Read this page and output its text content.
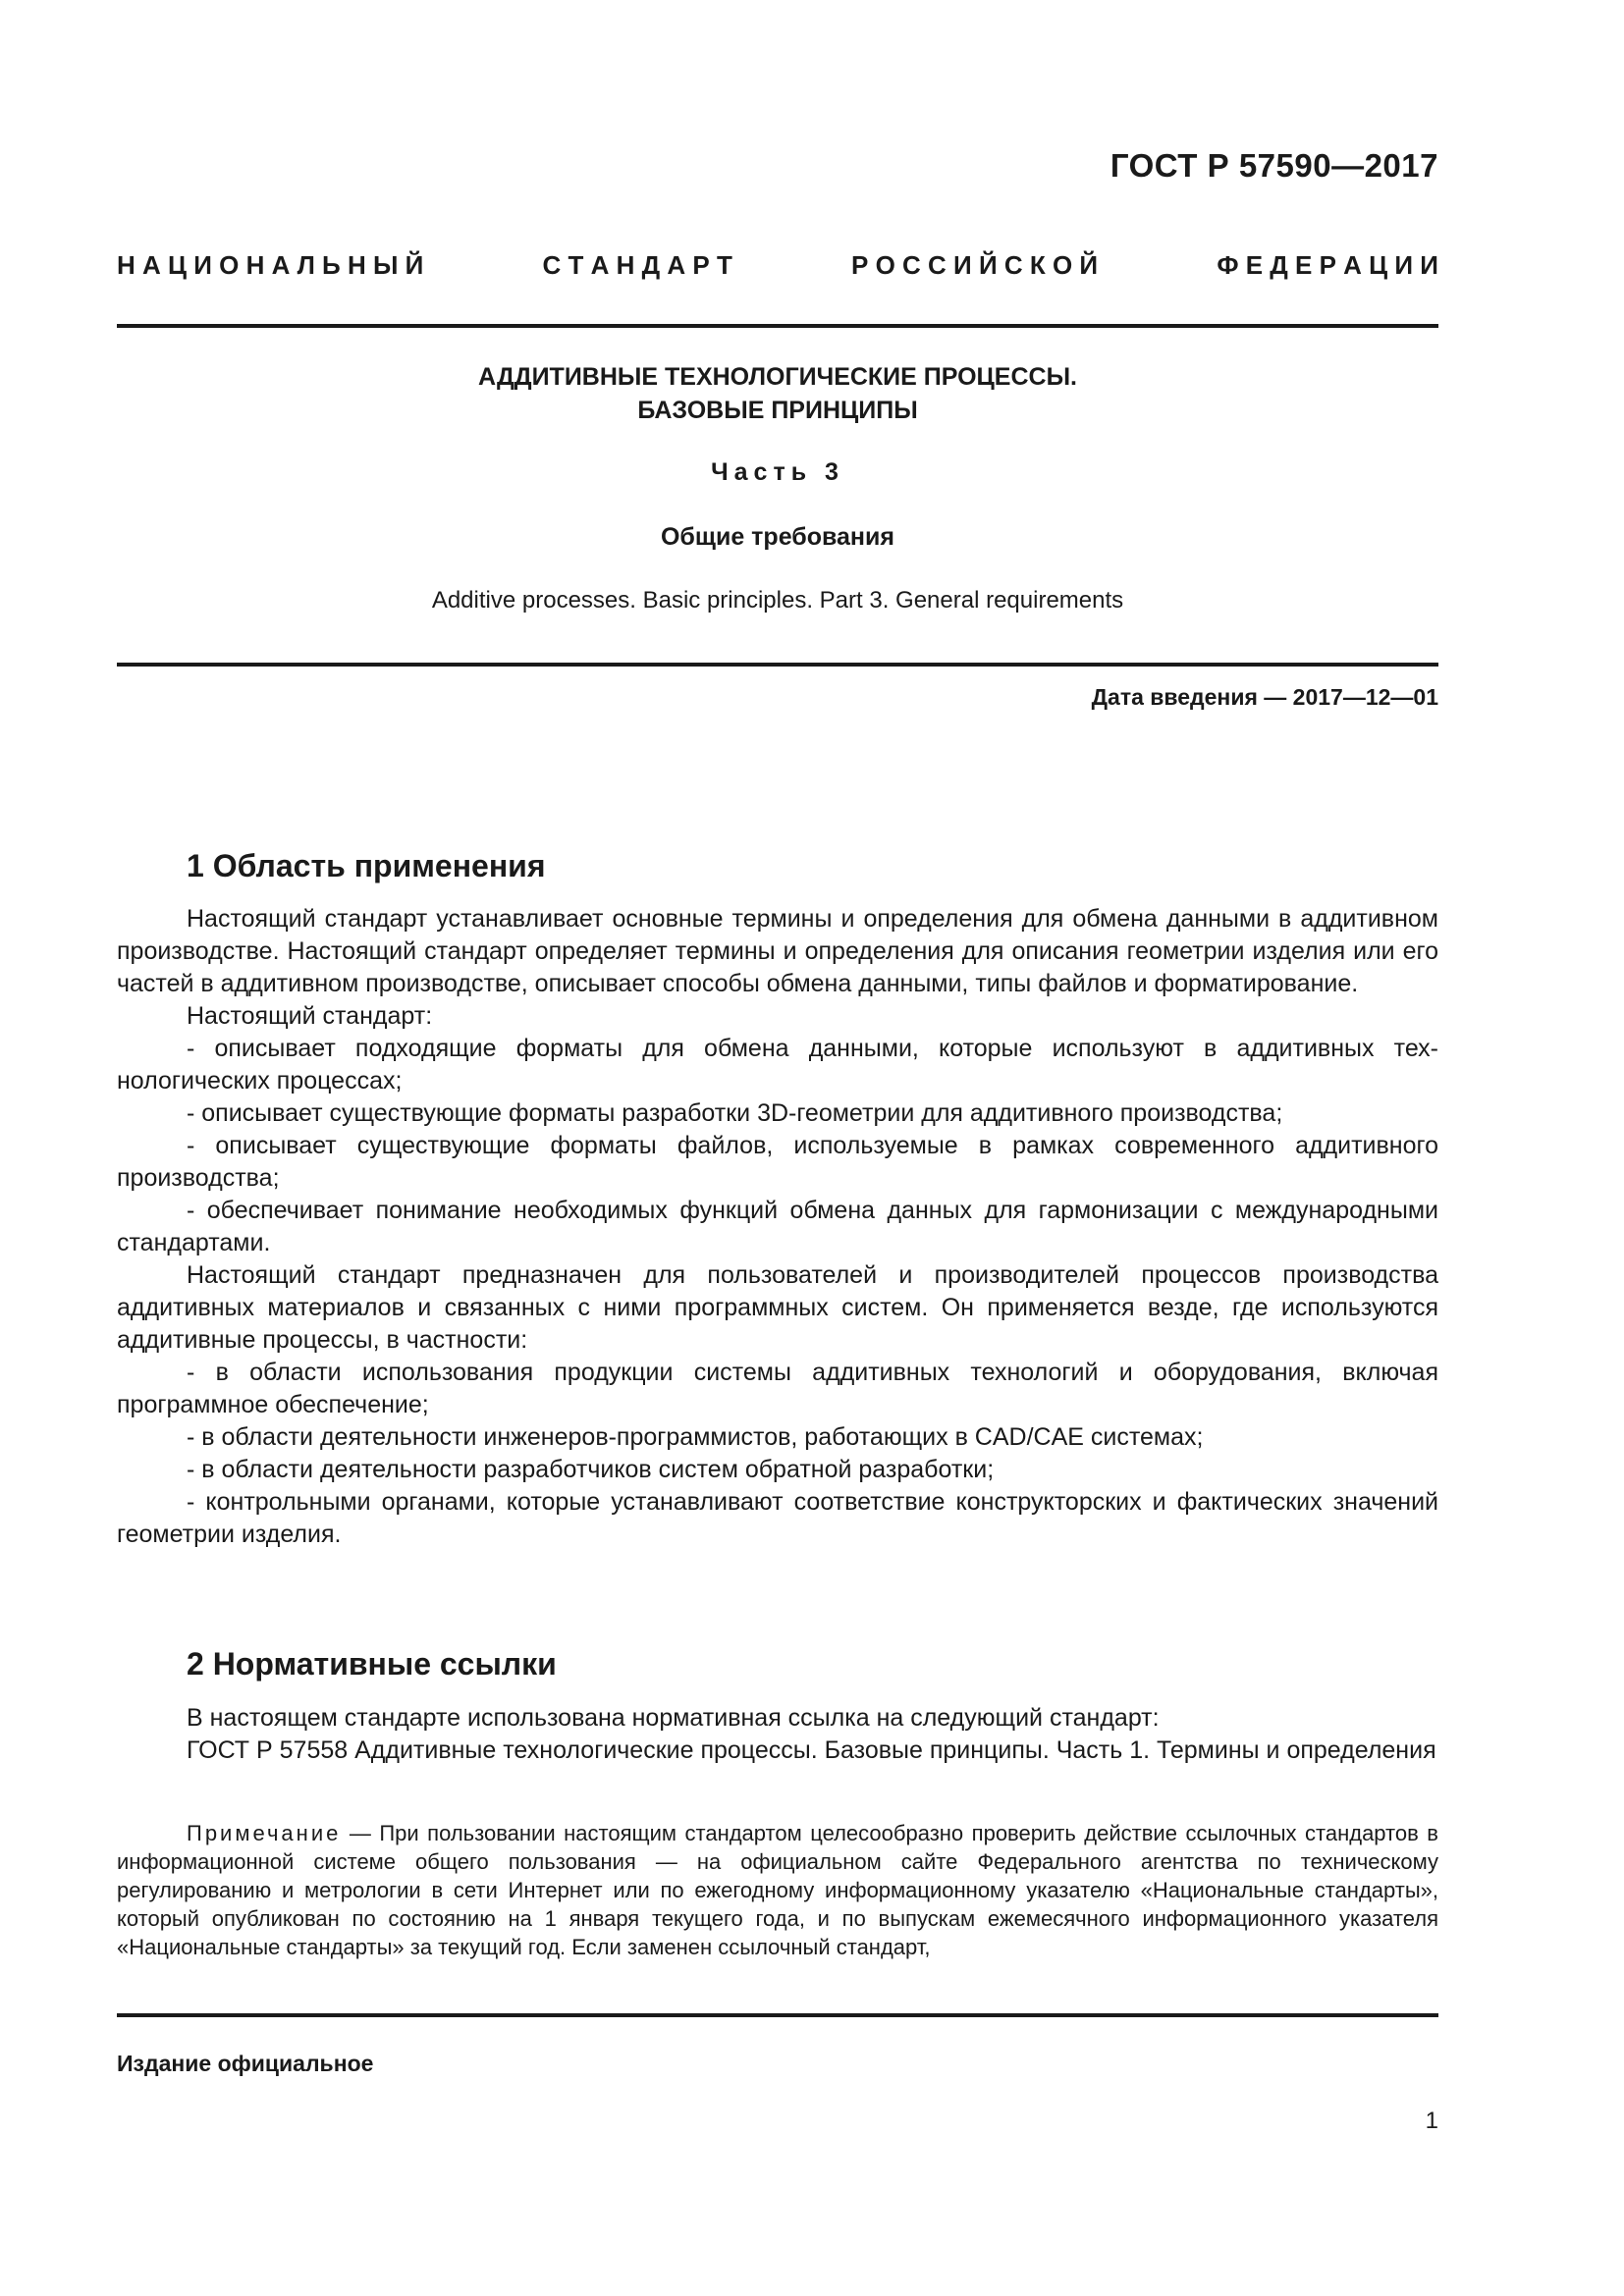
ГОСТ Р 57590—2017
Н А Ц И О Н А Л Ь Н Ы Й	С Т А Н Д А Р Т	Р О С С И Й С К О Й	Ф Е Д Е Р А Ц И И
АДДИТИВНЫЕ ТЕХНОЛОГИЧЕСКИЕ ПРОЦЕССЫ.
БАЗОВЫЕ ПРИНЦИПЫ
Часть 3
Общие требования
Additive processes. Basic principles. Part 3. General requirements
Дата введения — 2017—12—01
1 Область применения

Настоящий стандарт устанавливает основные термины и определения для обмена данными в аддитивном производстве. Настоящий стандарт определяет термины и определения для описания геометрии изделия или его частей в аддитивном производстве, описывает способы обмена данными, типы файлов и форматирование.

Настоящий стандарт:

- описывает подходящие форматы для обмена данными, которые используют в аддитивных технологических процессах;

- описывает существующие форматы разработки 3D-геометрии для аддитивного производства;

- описывает существующие форматы файлов, используемые в рамках современного аддитивного производства;

- обеспечивает понимание необходимых функций обмена данных для гармонизации с международными стандартами.

Настоящий стандарт предназначен для пользователей и производителей процессов производства аддитивных материалов и связанных с ними программных систем. Он применяется везде, где используются аддитивные процессы, в частности:

- в области использования продукции системы аддитивных технологий и оборудования, включая программное обеспечение;

- в области деятельности инженеров-программистов, работающих в CAD/CAE системах;

- в области деятельности разработчиков систем обратной разработки;

- контрольными органами, которые устанавливают соответствие конструкторских и фактических значений геометрии изделия.

2 Нормативные ссылки

В настоящем стандарте использована нормативная ссылка на следующий стандарт:

ГОСТ Р 57558 Аддитивные технологические процессы. Базовые принципы. Часть 1. Термины и определения

Примечание — При пользовании настоящим стандартом целесообразно проверить действие ссылочных стандартов в информационной системе общего пользования — на официальном сайте Федерального агентства по техническому регулированию и метрологии в сети Интернет или по ежегодному информационному указателю «Национальные стандарты», который опубликован по состоянию на 1 января текущего года, и по выпускам ежемесячного информационного указателя «Национальные стандарты» за текущий год. Если заменен ссылочный стандарт,
Издание официальное
1
